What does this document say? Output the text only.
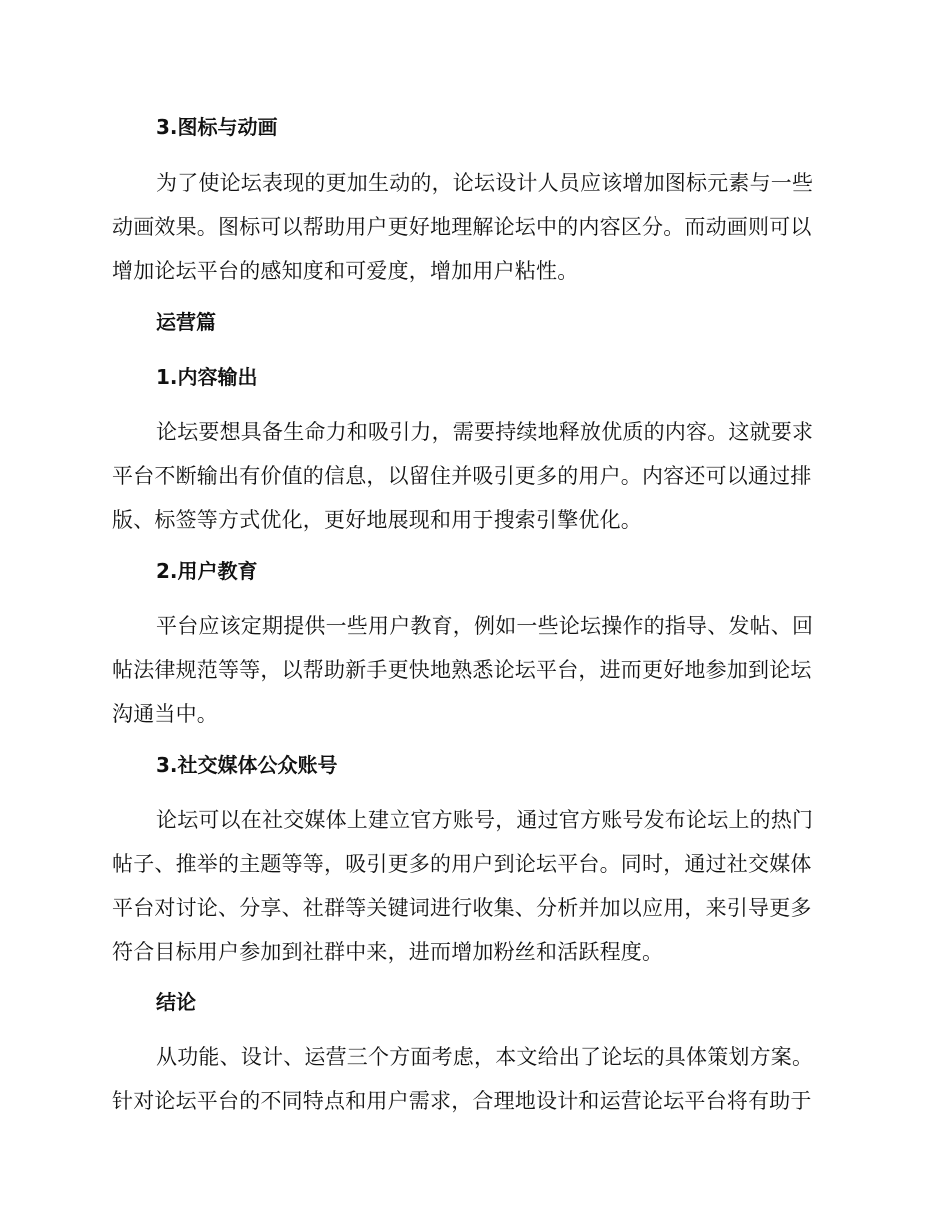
3.图标与动画
为了使论坛表现的更加生动的，论坛设计人员应该增加图标元素与一些
动画效果。图标可以帮助用户更好地理解论坛中的内容区分。而动画则可以
增加论坛平台的感知度和可爱度，增加用户粘性。
运营篇
1.内容输出
论坛要想具备生命力和吸引力，需要持续地释放优质的内容。这就要求
平台不断输出有价值的信息，以留住并吸引更多的用户。内容还可以通过排
版、标签等方式优化，更好地展现和用于搜索引擎优化。
2.用户教育
平台应该定期提供一些用户教育，例如一些论坛操作的指导、发帖、回
帖法律规范等等，以帮助新手更快地熟悉论坛平台，进而更好地参加到论坛
沟通当中。
3.社交媒体公众账号
论坛可以在社交媒体上建立官方账号，通过官方账号发布论坛上的热门
帖子、推举的主题等等，吸引更多的用户到论坛平台。同时，通过社交媒体
平台对讨论、分享、社群等关键词进行收集、分析并加以应用，来引导更多
符合目标用户参加到社群中来，进而增加粉丝和活跃程度。
结论
从功能、设计、运营三个方面考虑，本文给出了论坛的具体策划方案。
针对论坛平台的不同特点和用户需求，合理地设计和运营论坛平台将有助于
